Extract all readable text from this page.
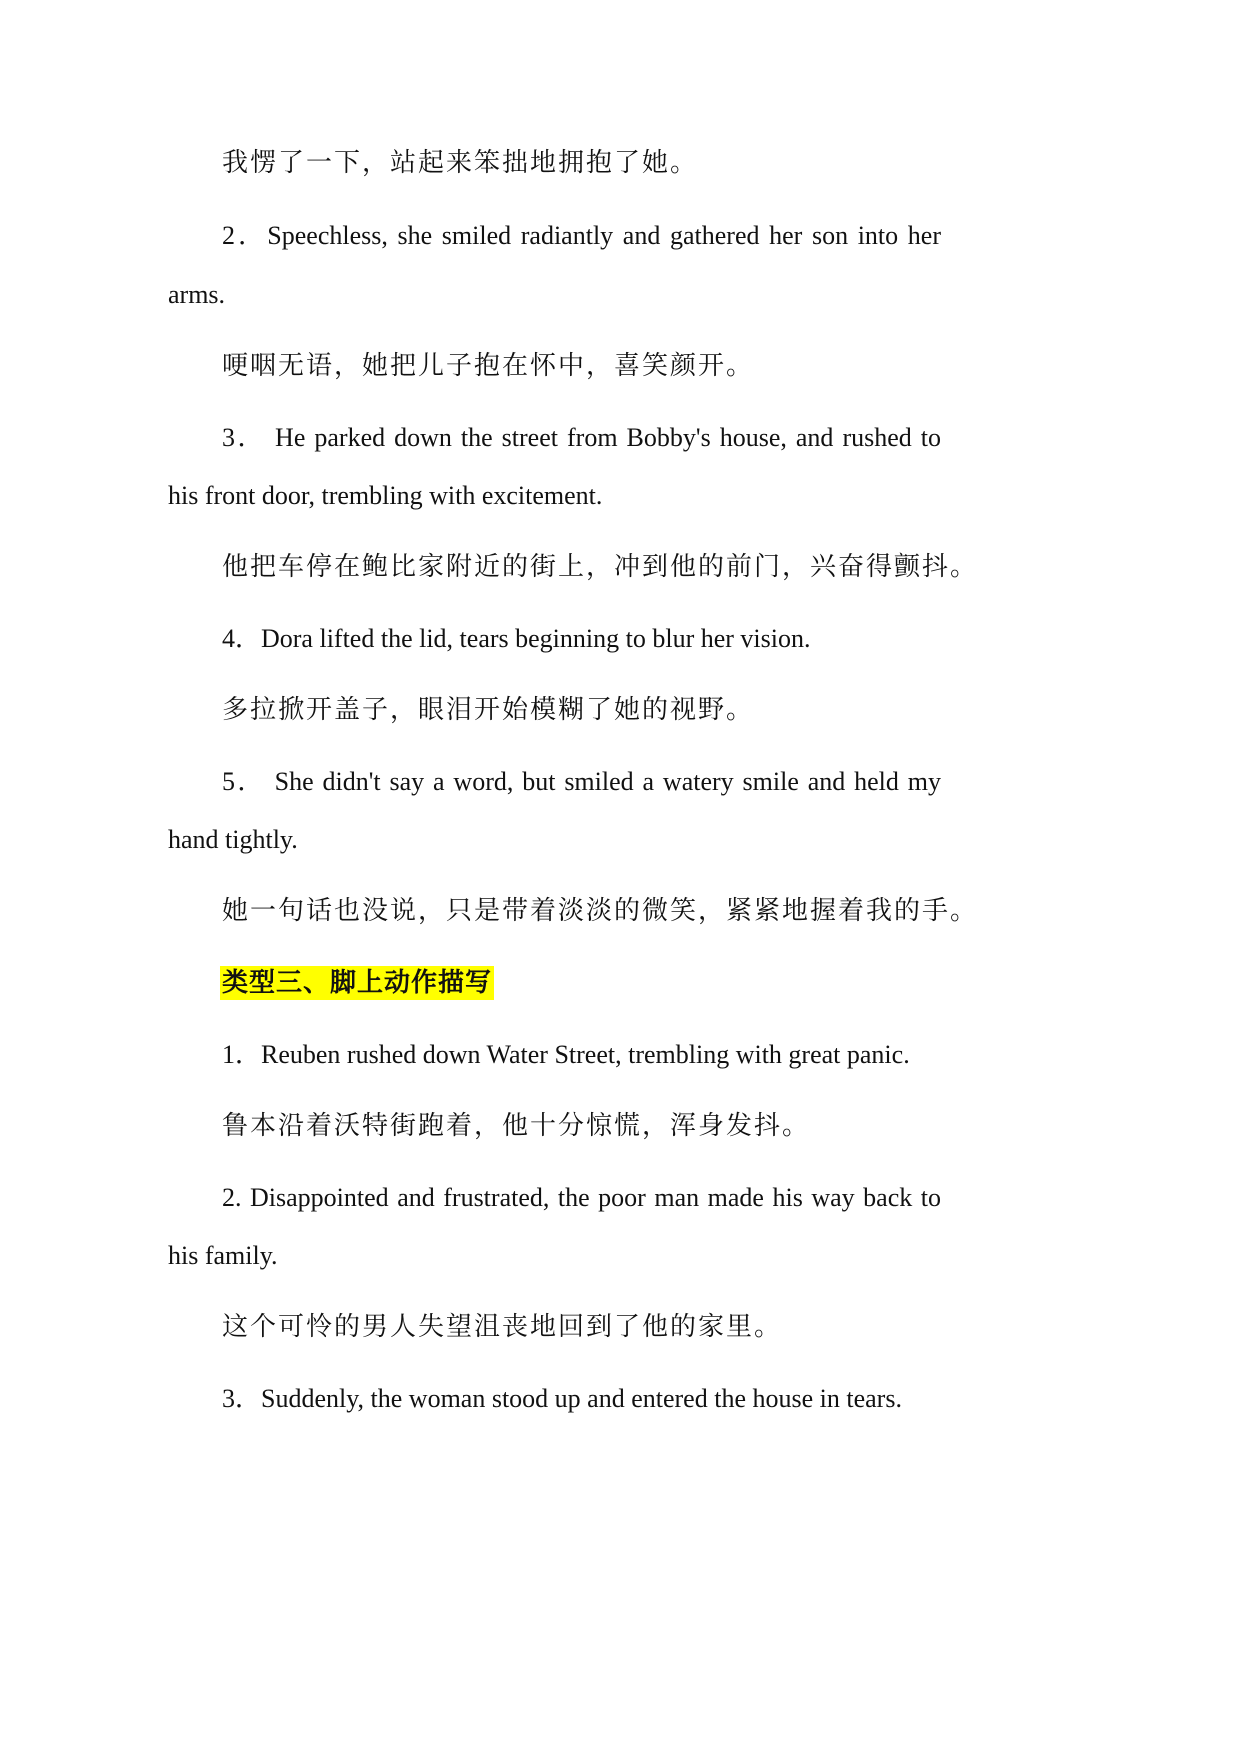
我愣了一下，站起来笨拙地拥抱了她。
2．Speechless, she smiled radiantly and gathered her son into her
arms.
哽咽无语，她把儿子抱在怀中，喜笑颜开。
3． He parked down the street from Bobby's house, and rushed to
his front door, trembling with excitement.
他把车停在鲍比家附近的街上，冲到他的前门，兴奋得颤抖。
4．Dora lifted the lid, tears beginning to blur her vision.
多拉掀开盖子，眼泪开始模糊了她的视野。
5． She didn't say a word, but smiled a watery smile and held my
hand tightly.
她一句话也没说，只是带着淡淡的微笑，紧紧地握着我的手。
类型三、脚上动作描写
1．Reuben rushed down Water Street, trembling with great panic.
鲁本沿着沃特街跑着，他十分惊慌，浑身发抖。
2. Disappointed and frustrated, the poor man made his way back to
his family.
这个可怜的男人失望沮丧地回到了他的家里。
3．Suddenly, the woman stood up and entered the house in tears.
